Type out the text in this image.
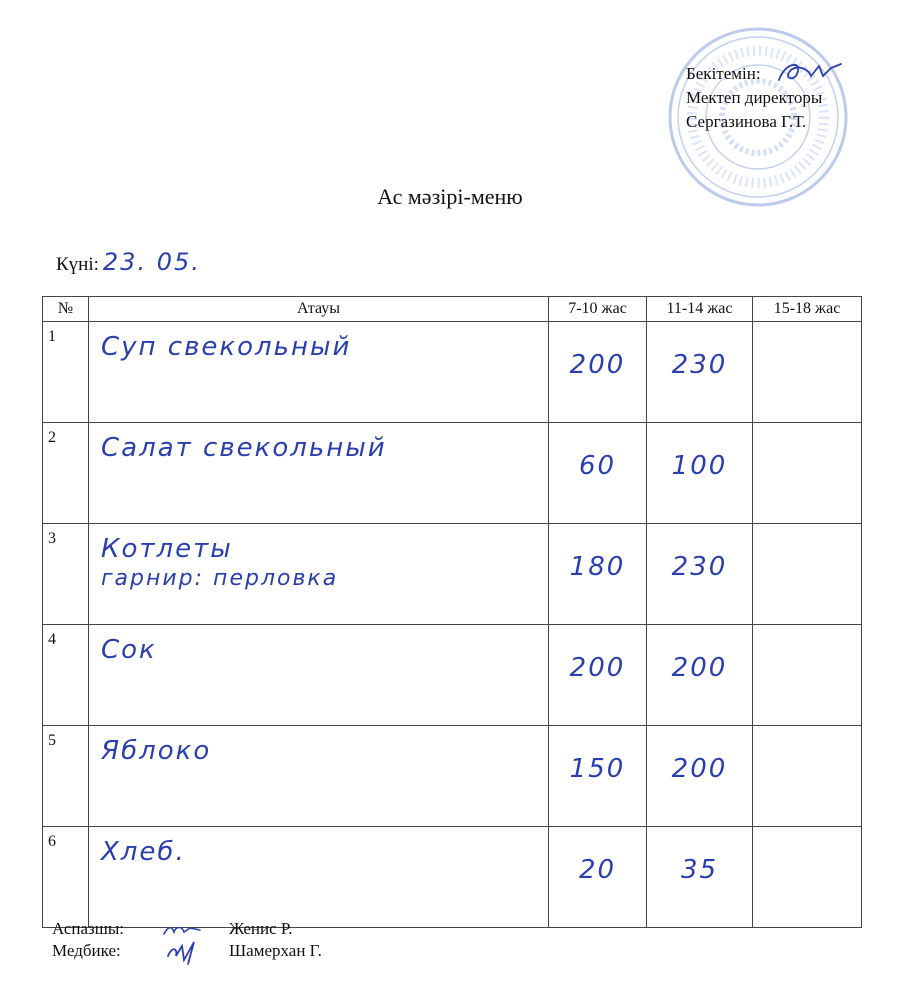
Бекітемін:
Мектеп директоры
Сергазинова Г.Т.
Ас мәзірі-меню
Күні: 23. 05.
№	Атауы	7-10 жас	11-14 жас	15-18 жас
1	Суп свекольный	200	230	

2	Салат свекольный	60	100	

3	Котлеты
гарнир: перловка	180	230	

4	Сок	200	200	

5	Яблоко	150	200	

6	Хлеб.	20	35	

Аспазшы:	Женис Р.
Медбике:	Шамерхан Г.
